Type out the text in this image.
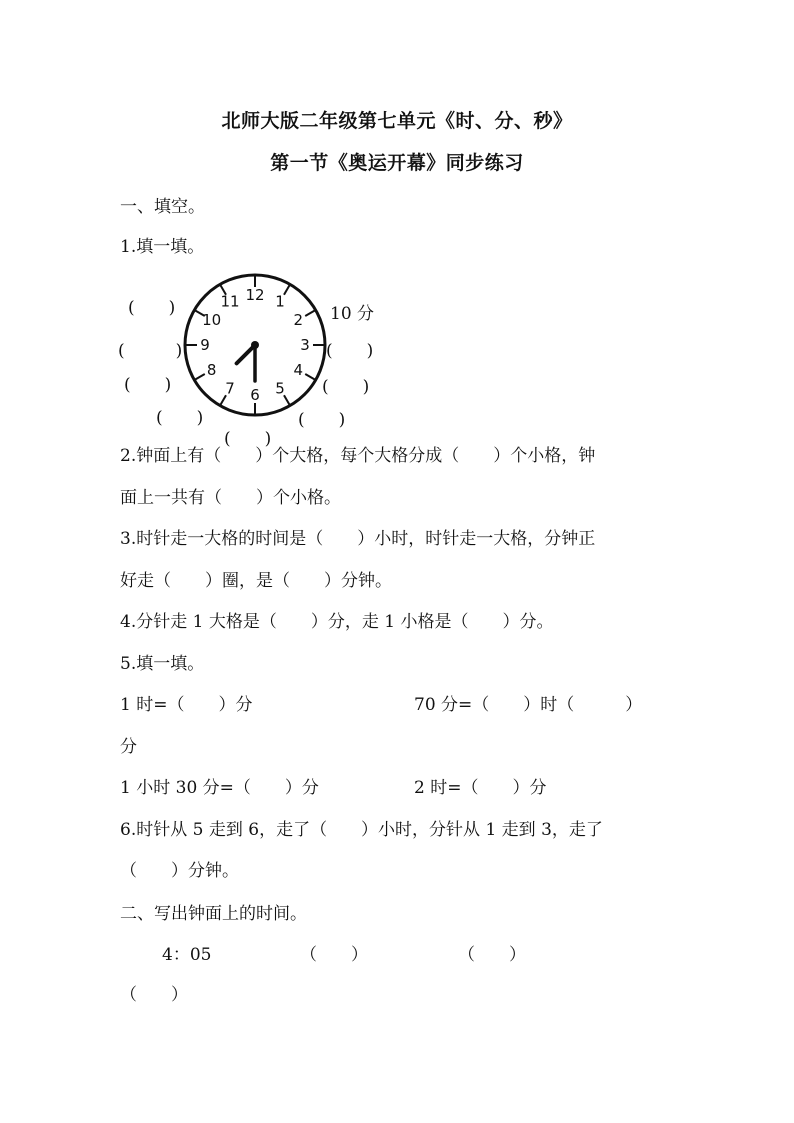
北师大版二年级第七单元《时、分、秒》
第一节《奥运开幕》同步练习
一、填空。
1.填一填。
12 1
2
3
4
5
6
7
8
9
10
11
10 分
(　　)
(　　　)	(　　)
(　　)	(　　)
(　　)	(　　)
(　　)
2.钟面上有（　　）个大格，每个大格分成（　　）个小格，钟
面上一共有（　　）个小格。
3.时针走一大格的时间是（　　）小时，时针走一大格，分钟正
好走（　　）圈，是（　　）分钟。
4.分针走 1 大格是（　　）分，走 1 小格是（　　）分。
5.填一填。
1 时=（　　）分	70 分=（　　）时（　　　）
分
1 小时 30 分=（　　）分	2 时=（　　）分
6.时针从 5 走到 6，走了（　　）小时，分针从 1 走到 3，走了
（　　）分钟。
二、写出钟面上的时间。
4：05	（　　）	（　　）
（　　）
